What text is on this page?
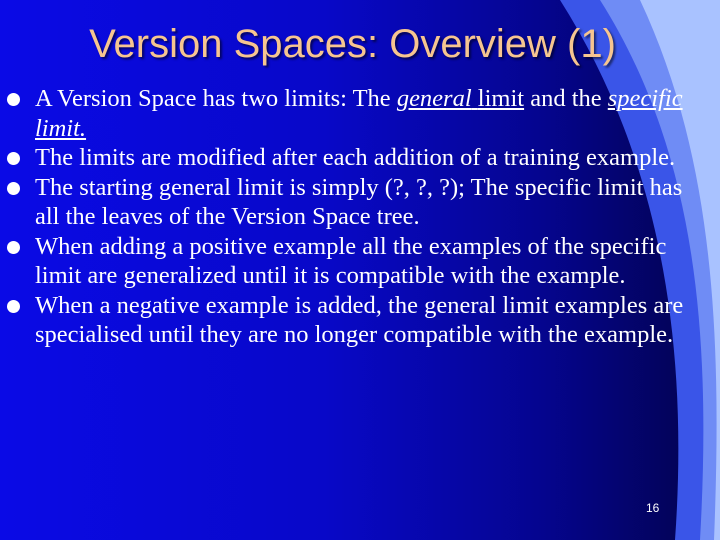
Version Spaces: Overview (1)
A Version Space has two limits: The general limit and the specific limit.
The limits are modified after each addition of a training example.
The starting general limit is simply (?, ?, ?); The specific limit has all the leaves of the Version Space tree.
When adding a positive example all the examples of the specific limit are generalized until it is compatible with the example.
When a negative example is added, the general limit examples are specialised until they are no longer compatible with the example.
16
